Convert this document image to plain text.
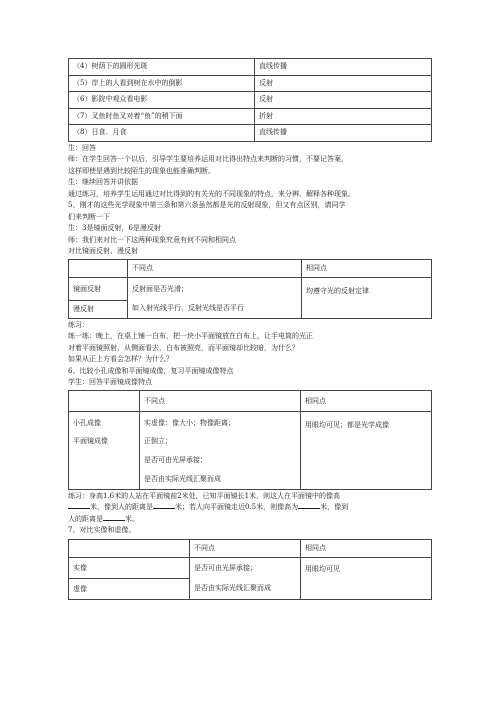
（4）树荫下的圆形光斑	直线传播
（5）岸上的人看到树在水中的倒影	反射
（6）影院中观众看电影	反射
（7）叉鱼时鱼叉对着“鱼”的稍下面	折射
（8）日食、月食	直线传播
生：回答
师：在学生回答一个以后，引导学生要培养运用对比得出特点来判断的习惯，不要记答案，
这样即使是遇到比较陌生的现象也能准确判断。
生：继续回答并讲依据
通过练习，培养学生运用通过对比得到的有关光的不同现象的特点，来分辨、解释各种现象。
5、刚才的这些光学现象中第三条和第六条虽然都是光的反射现象，但又有点区别，请同学
们来判断一下
生：3是镜面反射，6是漫反射
师：我们来对比一下这两种现象究竟有何不同和相同点
对比镜面反射、漫反射
	不同点	相同点
镜面反射	反射面是否光滑；	均遵守光的反射定律
漫反射	如入射光线平行，反射光线是否平行	
练习：
练一练：晚上，在桌上铺一白布，把一块小平面镜放在白布上，让手电筒的光正
对着平面镜照射，从侧面看去，白布被照亮，而平面镜却比较暗，为什么？
如果从正上方看会怎样？为什么？
6、比较小孔成像和平面镜成像，复习平面镜成像特点
学生：回答平面镜成像特点
	不同点	相同点
小孔成像	实虚像：像大小；物像距离；	用眼均可见；都是光学成像

平面镜成像	正倒立；
是否可由光屏承接；
是否由实际光线汇聚而成	
练习：身高1.6米的人站在平面镜前2米处，已知平面镜长1米，则这人在平面镜中的像高
米，像到人的距离是	米；若人向平面镜走近0.5米，则像高为	米，像到
人的距离是	米。
7、对比实像和虚像。
	不同点	相同点
实像	是否可由光屏承接；	用眼均可见
虚像	是否由实际光线汇聚而成	
